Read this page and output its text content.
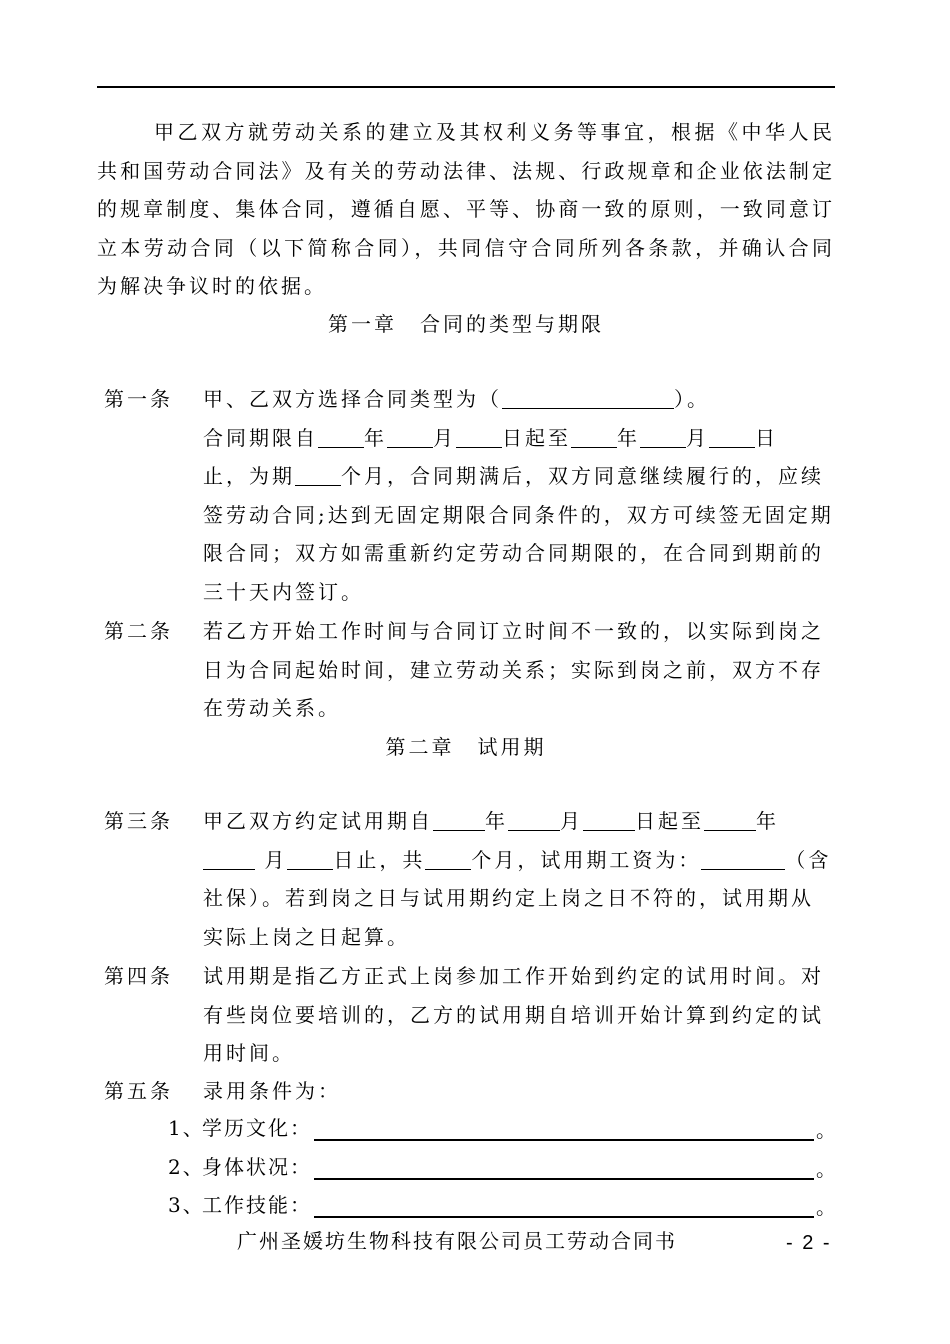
甲乙双方就劳动关系的建立及其权利义务等事宜，根据《中华人民共和国劳动合同法》及有关的劳动法律、法规、行政规章和企业依法制定的规章制度、集体合同，遵循自愿、平等、协商一致的原则，一致同意订立本劳动合同（以下简称合同），共同信守合同所列各条款，并确认合同为解决争议时的依据。
第一章　合同的类型与期限
第一条 甲、乙双方选择合同类型为（	）。
合同期限自 年 月 日起至 年 月 日
止，为期 个月，合同期满后，双方同意继续履行的，应续签劳动合同;达到无固定期限合同条件的，双方可续签无固定期限合同；双方如需重新约定劳动合同期限的，在合同到期前的三十天内签订。
第二条 若乙方开始工作时间与合同订立时间不一致的，以实际到岗之日为合同起始时间，建立劳动关系；实际到岗之前，双方不存在劳动关系。
第二章　试用期
第三条 甲乙双方约定试用期自	年	月	日起至	年
月 日止，共 个月，试用期工资为：	（含社保）。若到岗之日与试用期约定上岗之日不符的，试用期从实际上岗之日起算。
第四条 试用期是指乙方正式上岗参加工作开始到约定的试用时间。对有些岗位要培训的，乙方的试用期自培训开始计算到约定的试用时间。
第五条 录用条件为：
1、
学历文化：	。
2、
身体状况：	。
3、
工作技能：	。
广州圣媛坊生物科技有限公司员工劳动合同书	- 2 -
